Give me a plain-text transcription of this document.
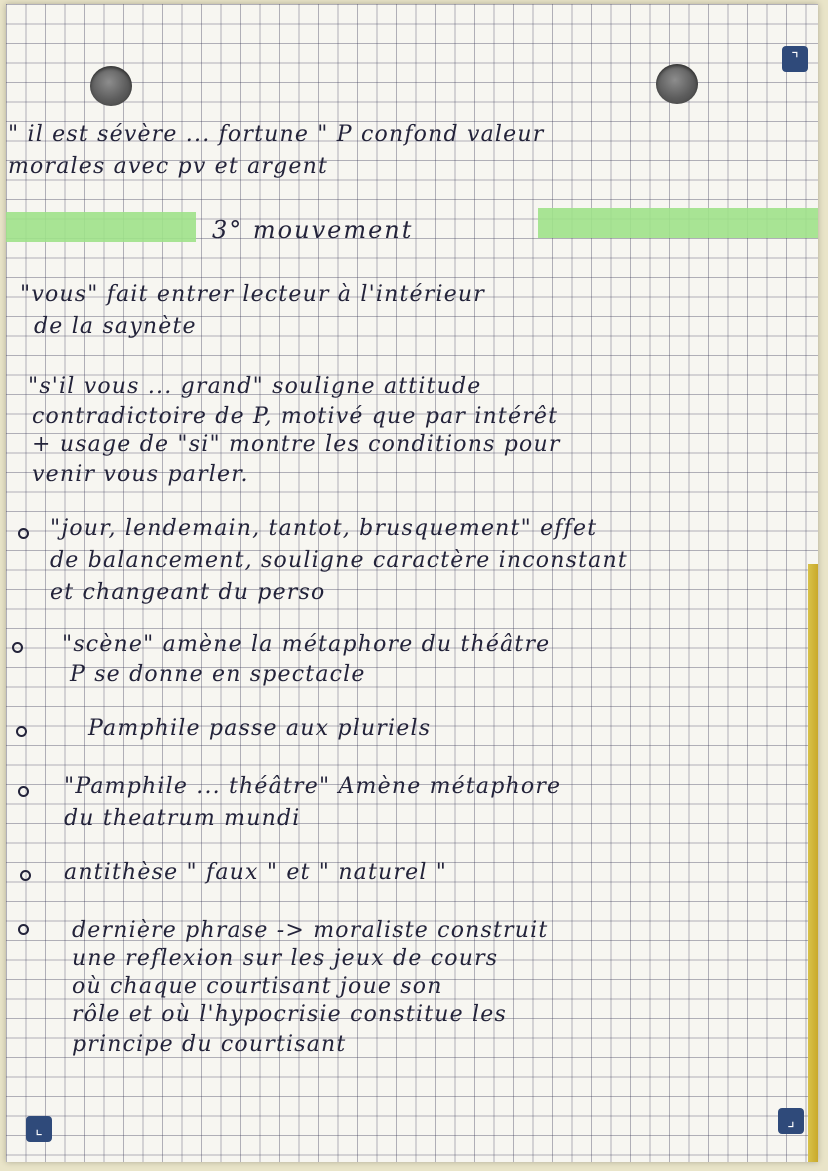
⌝
⌞	⌟
" il est sévère ... fortune " P confond valeur
morales avec pv et argent
3° mouvement
"vous" fait entrer lecteur à l'intérieur
de la saynète
"s'il vous ... grand" souligne attitude
contradictoire de P, motivé que par intérêt
+ usage de "si" montre les conditions pour
venir vous parler.
"jour, lendemain, tantot, brusquement" effet
de balancement, souligne caractère inconstant
et changeant du perso
"scène" amène la métaphore du théâtre
P se donne en spectacle
Pamphile passe aux pluriels
"Pamphile ... théâtre" Amène métaphore
du theatrum mundi
antithèse " faux " et " naturel "
dernière phrase -> moraliste construit
une reflexion sur les jeux de cours
où chaque courtisant joue son
rôle et où l'hypocrisie constitue les
principe du courtisant
